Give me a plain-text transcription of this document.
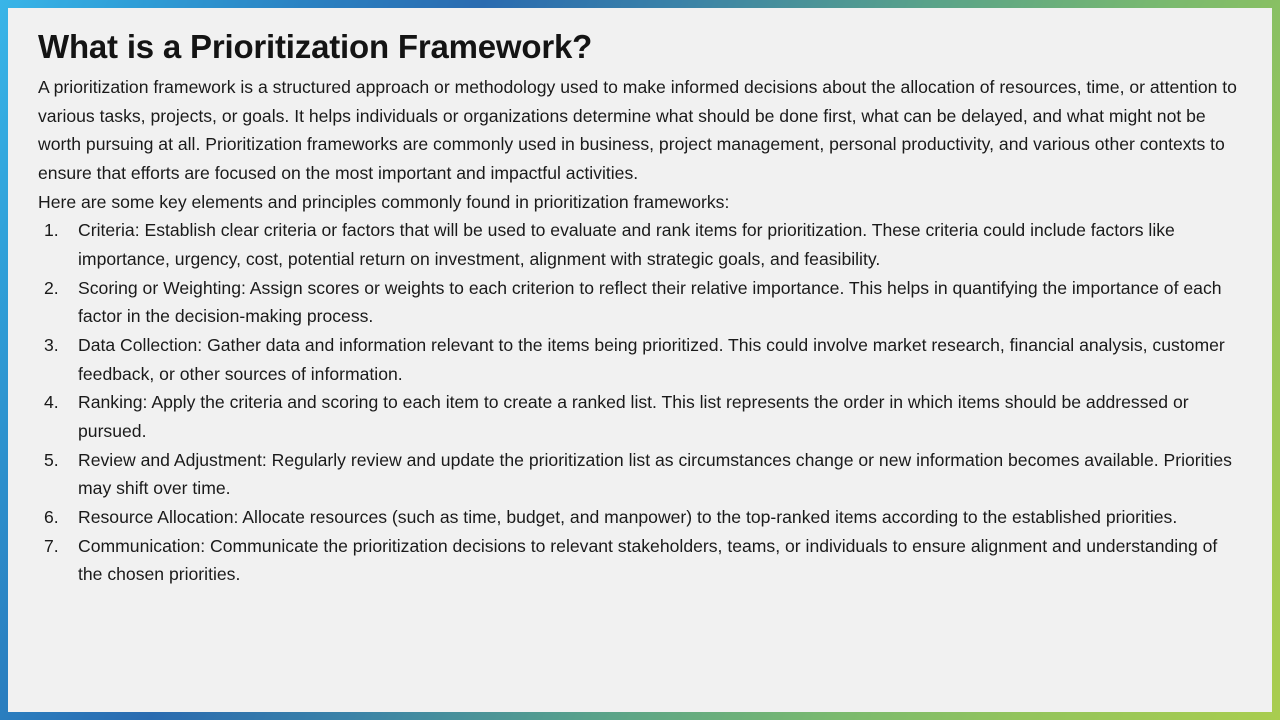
What is a Prioritization Framework?

A prioritization framework is a structured approach or methodology used to make informed decisions about the allocation of resources, time, or attention to various tasks, projects, or goals. It helps individuals or organizations determine what should be done first, what can be delayed, and what might not be worth pursuing at all. Prioritization frameworks are commonly used in business, project management, personal productivity, and various other contexts to ensure that efforts are focused on the most important and impactful activities.

Here are some key elements and principles commonly found in prioritization frameworks:

Criteria: Establish clear criteria or factors that will be used to evaluate and rank items for prioritization. These criteria could include factors like importance, urgency, cost, potential return on investment, alignment with strategic goals, and feasibility.
Scoring or Weighting: Assign scores or weights to each criterion to reflect their relative importance. This helps in quantifying the importance of each factor in the decision-making process.
Data Collection: Gather data and information relevant to the items being prioritized. This could involve market research, financial analysis, customer feedback, or other sources of information.
Ranking: Apply the criteria and scoring to each item to create a ranked list. This list represents the order in which items should be addressed or pursued.
Review and Adjustment: Regularly review and update the prioritization list as circumstances change or new information becomes available. Priorities may shift over time.
Resource Allocation: Allocate resources (such as time, budget, and manpower) to the top-ranked items according to the established priorities.
Communication: Communicate the prioritization decisions to relevant stakeholders, teams, or individuals to ensure alignment and understanding of the chosen priorities.
